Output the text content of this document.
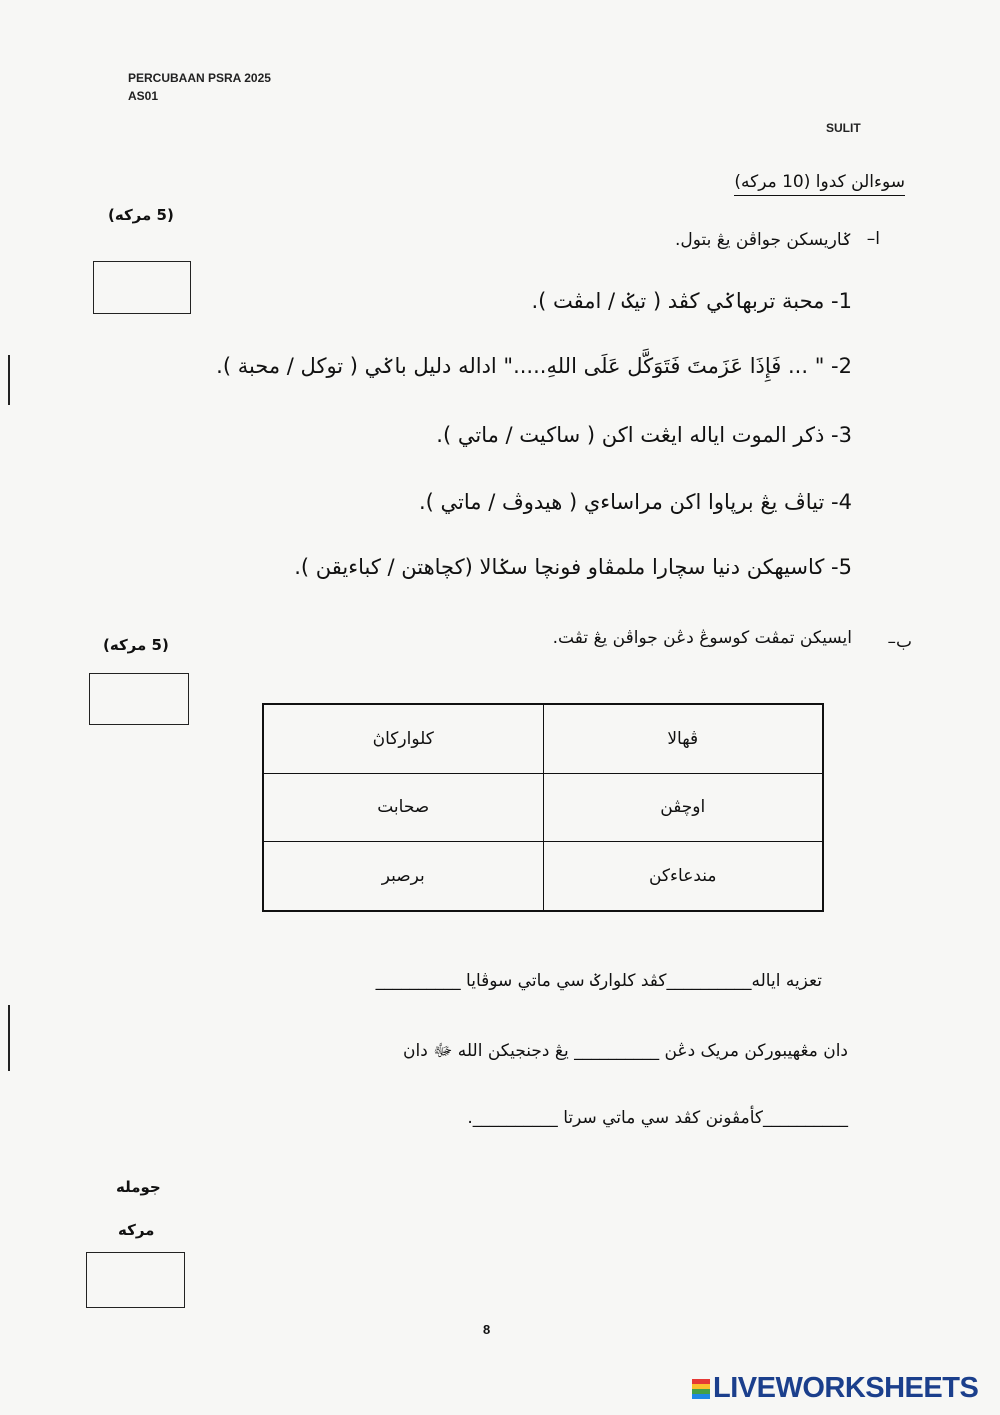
PERCUBAAN PSRA 2025
AS01
SULIT
سوءالن كدوا (10 مركه)
(5 مركه)
ا–
ݢاريسكن جواڤن يڠ بتول.
1- محبة تربهاݢي كڤد ( تيݢ / امڤت ).
2- " ... فَإِذَا عَزَمتَ فَتَوَكَّل عَلَى اللهِ....." اداله دليل باݢي ( توكل / محبة ).
3- ذكر الموت اياله ايڠت اكن ( ساكيت / ماتي ).
4- تياڤ يڠ برڽاوا اكن مراساءي ( هيدوڤ / ماتي ).
5- كاسيهكن دنيا سچارا ملمڤاو فونچا سݢالا (كچاهتن / كباءيقن ).
(5 مركه)	ب–
ايسيكن تمڤت كوسوڠ دڠن جواڤن يڠ تڤت.
كلواركاڽ	ڤهالا
صحابت	اوچڤن
برصبر	مندعاءكن
تعزيه اياله__________كڤد كلوارݢ سي ماتي سوڤايا __________
دان مڠهيبوركن مريک دڠن __________ يڠ دجنجيكن الله ﷻ دان
__________كأمڤونن كڤد سي ماتي سرتا __________.
جومله
مركه
8
LIVEWORKSHEETS
